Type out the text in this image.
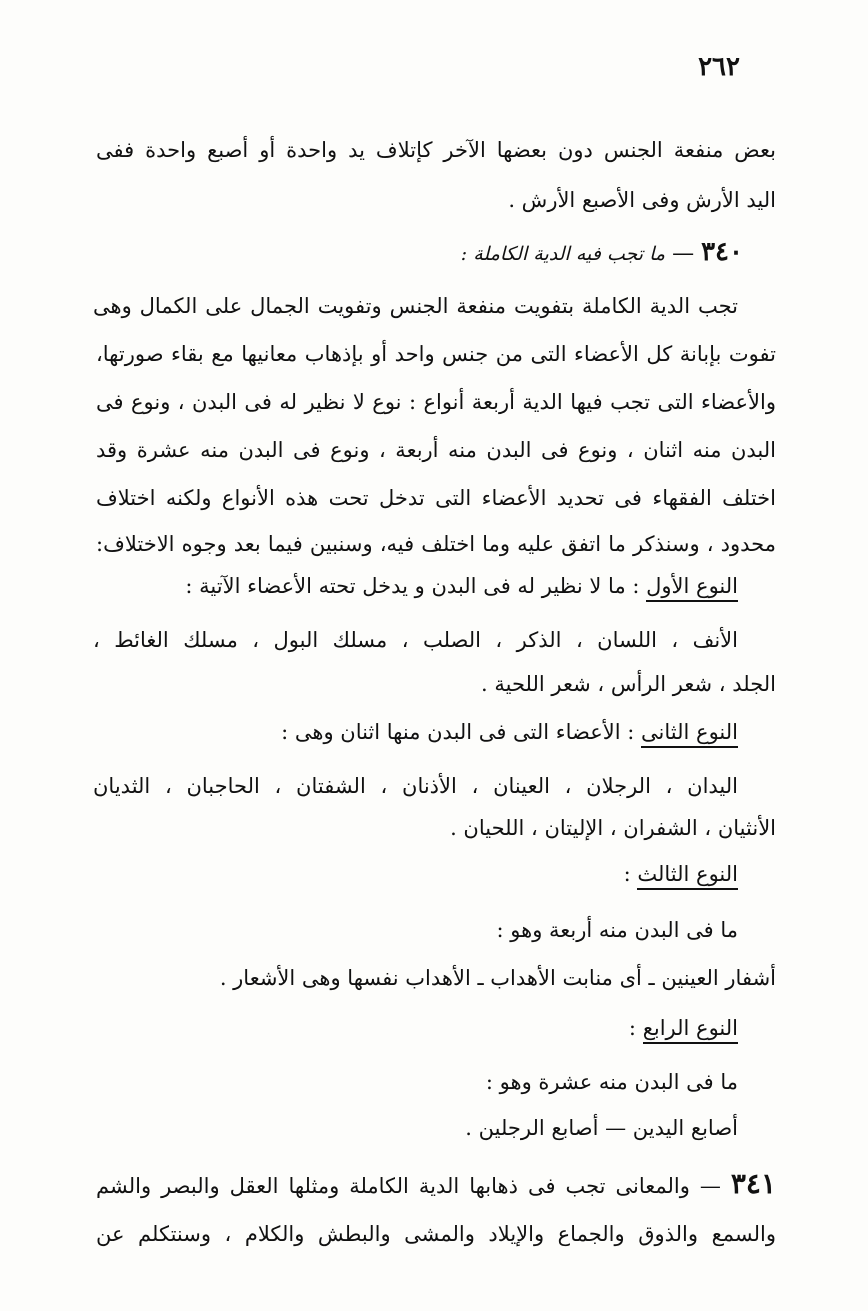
٢٦٢
بعض منفعة الجنس دون بعضها الآخر كإتلاف يد واحدة أو أصبع واحدة ففى
اليد الأرش وفى الأصبع الأرش .
٣٤٠ — ما تجب فيه الدية الكاملة :
تجب الدية الكاملة بتفويت منفعة الجنس وتفويت الجمال على الكمال وهى
تفوت بإبانة كل الأعضاء التى من جنس واحد أو بإذهاب معانيها مع بقاء صورتها،
والأعضاء التى تجب فيها الدية أربعة أنواع : نوع لا نظير له فى البدن ، ونوع فى
البدن منه اثنان ، ونوع فى البدن منه أربعة ، ونوع فى البدن منه عشرة وقد
اختلف الفقهاء فى تحديد الأعضاء التى تدخل تحت هذه الأنواع ولكنه اختلاف
محدود ، وسنذكر ما اتفق عليه وما اختلف فيه، وسنبين فيما بعد وجوه الاختلاف:
النوع الأول : ما لا نظير له فى البدن و يدخل تحته الأعضاء الآتية :
الأنف ، اللسان ، الذكر ، الصلب ، مسلك البول ، مسلك الغائط ،
الجلد ، شعر الرأس ، شعر اللحية .
النوع الثانى : الأعضاء التى فى البدن منها اثنان وهى :
اليدان ، الرجلان ، العينان ، الأذنان ، الشفتان ، الحاجبان ، الثديان
الأنثيان ، الشفران ، الإليتان ، اللحيان .
النوع الثالث :
ما فى البدن منه أربعة وهو :
أشفار العينين ـ أى منابت الأهداب ـ الأهداب نفسها وهى الأشعار .
النوع الرابع :
ما فى البدن منه عشرة وهو :
أصابع اليدين — أصابع الرجلين .
٣٤١ — والمعانى تجب فى ذهابها الدية الكاملة ومثلها العقل والبصر والشم
والسمع والذوق والجماع والإيلاد والمشى والبطش والكلام ، وسنتكلم عن
